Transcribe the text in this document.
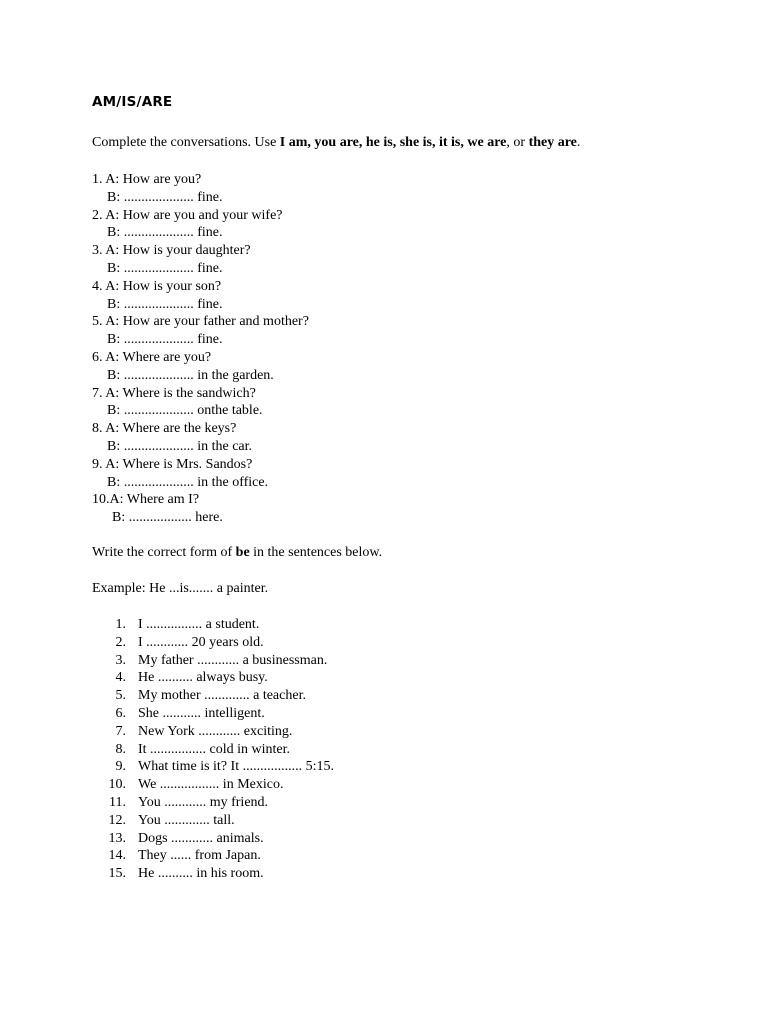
AM/IS/ARE
Complete the conversations. Use I am, you are, he is, she is, it is, we are, or they are.
1. A: How are you?
B: .................... fine.
2. A: How are you and your wife?
B: .................... fine.
3. A: How is your daughter?
B: .................... fine.
4. A: How is your son?
B: .................... fine.
5. A: How are your father and mother?
B: .................... fine.
6. A: Where are you?
B: .................... in the garden.
7. A: Where is the sandwich?
B: .................... onthe table.
8. A: Where are the keys?
B: .................... in the car.
9. A: Where is Mrs. Sandos?
B: .................... in the office.
10.A: Where am I?
B: .................. here.
Write the correct form of be in the sentences below.
Example: He ...is....... a painter.
1. I ................ a student.
2. I ............ 20 years old.
3. My father ............ a businessman.
4. He .......... always busy.
5. My mother ............. a teacher.
6. She ........... intelligent.
7. New York ............ exciting.
8. It ................ cold in winter.
9. What time is it? It ................. 5:15.
10. We ................. in Mexico.
11. You ............ my friend.
12. You ............. tall.
13. Dogs ............ animals.
14. They ...... from Japan.
15. He .......... in his room.
